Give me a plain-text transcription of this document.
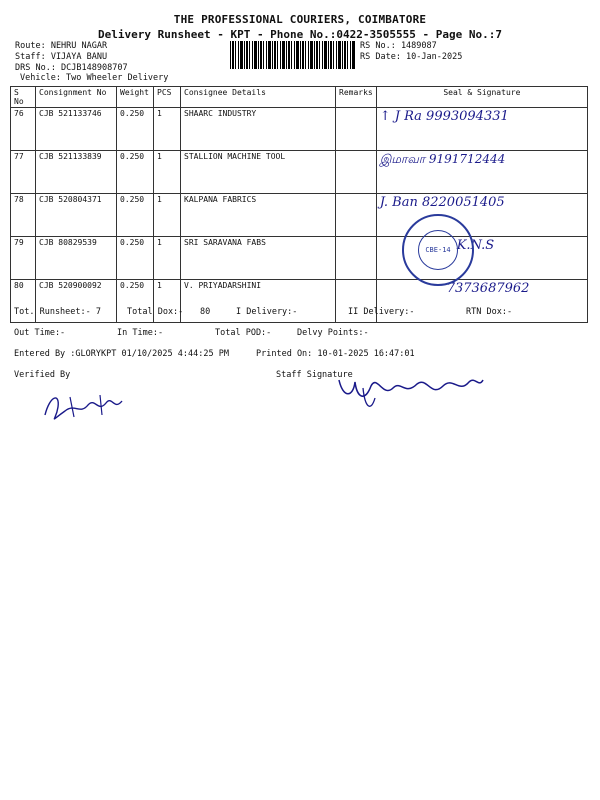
THE PROFESSIONAL COURIERS, COIMBATORE
Delivery Runsheet - KPT - Phone No.:0422-3505555 - Page No.:7
Route: NEHRU NAGAR
Staff: VIJAYA BANU
DRS No.: DCJB148908707
Vehicle: Two Wheeler Delivery
RS No.: 1489087
RS Date: 10-Jan-2025
S No	Consignment No	Weight	PCS	Consignee Details	Remarks	Seal & Signature
76	CJB 521133746	0.250	1	SHAARC INDUSTRY		↑ J Ra 9993094331
77	CJB 521133839	0.250	1	STALLION MACHINE TOOL		இமாவா 9191712444
78	CJB 520804371	0.250	1	KALPANA FABRICS		J. Ban 8220051405
79	CJB 80829539	0.250	1	SRI SARAVANA FABS		K.N.S
80	CJB 520900092	0.250	1	V. PRIYADARSHINI		7373687962
CBE-14
Tot. Runsheet:- 7	Total Dox:- 80	I Delivery:-	II Delivery:-	RTN Dox:-
Out Time:-	In Time:-	Total POD:-	Delvy Points:-
Entered By :GLORYKPT 01/10/2025 4:44:25 PM	Printed On: 10-01-2025 16:47:01
Verified By	Staff Signature
